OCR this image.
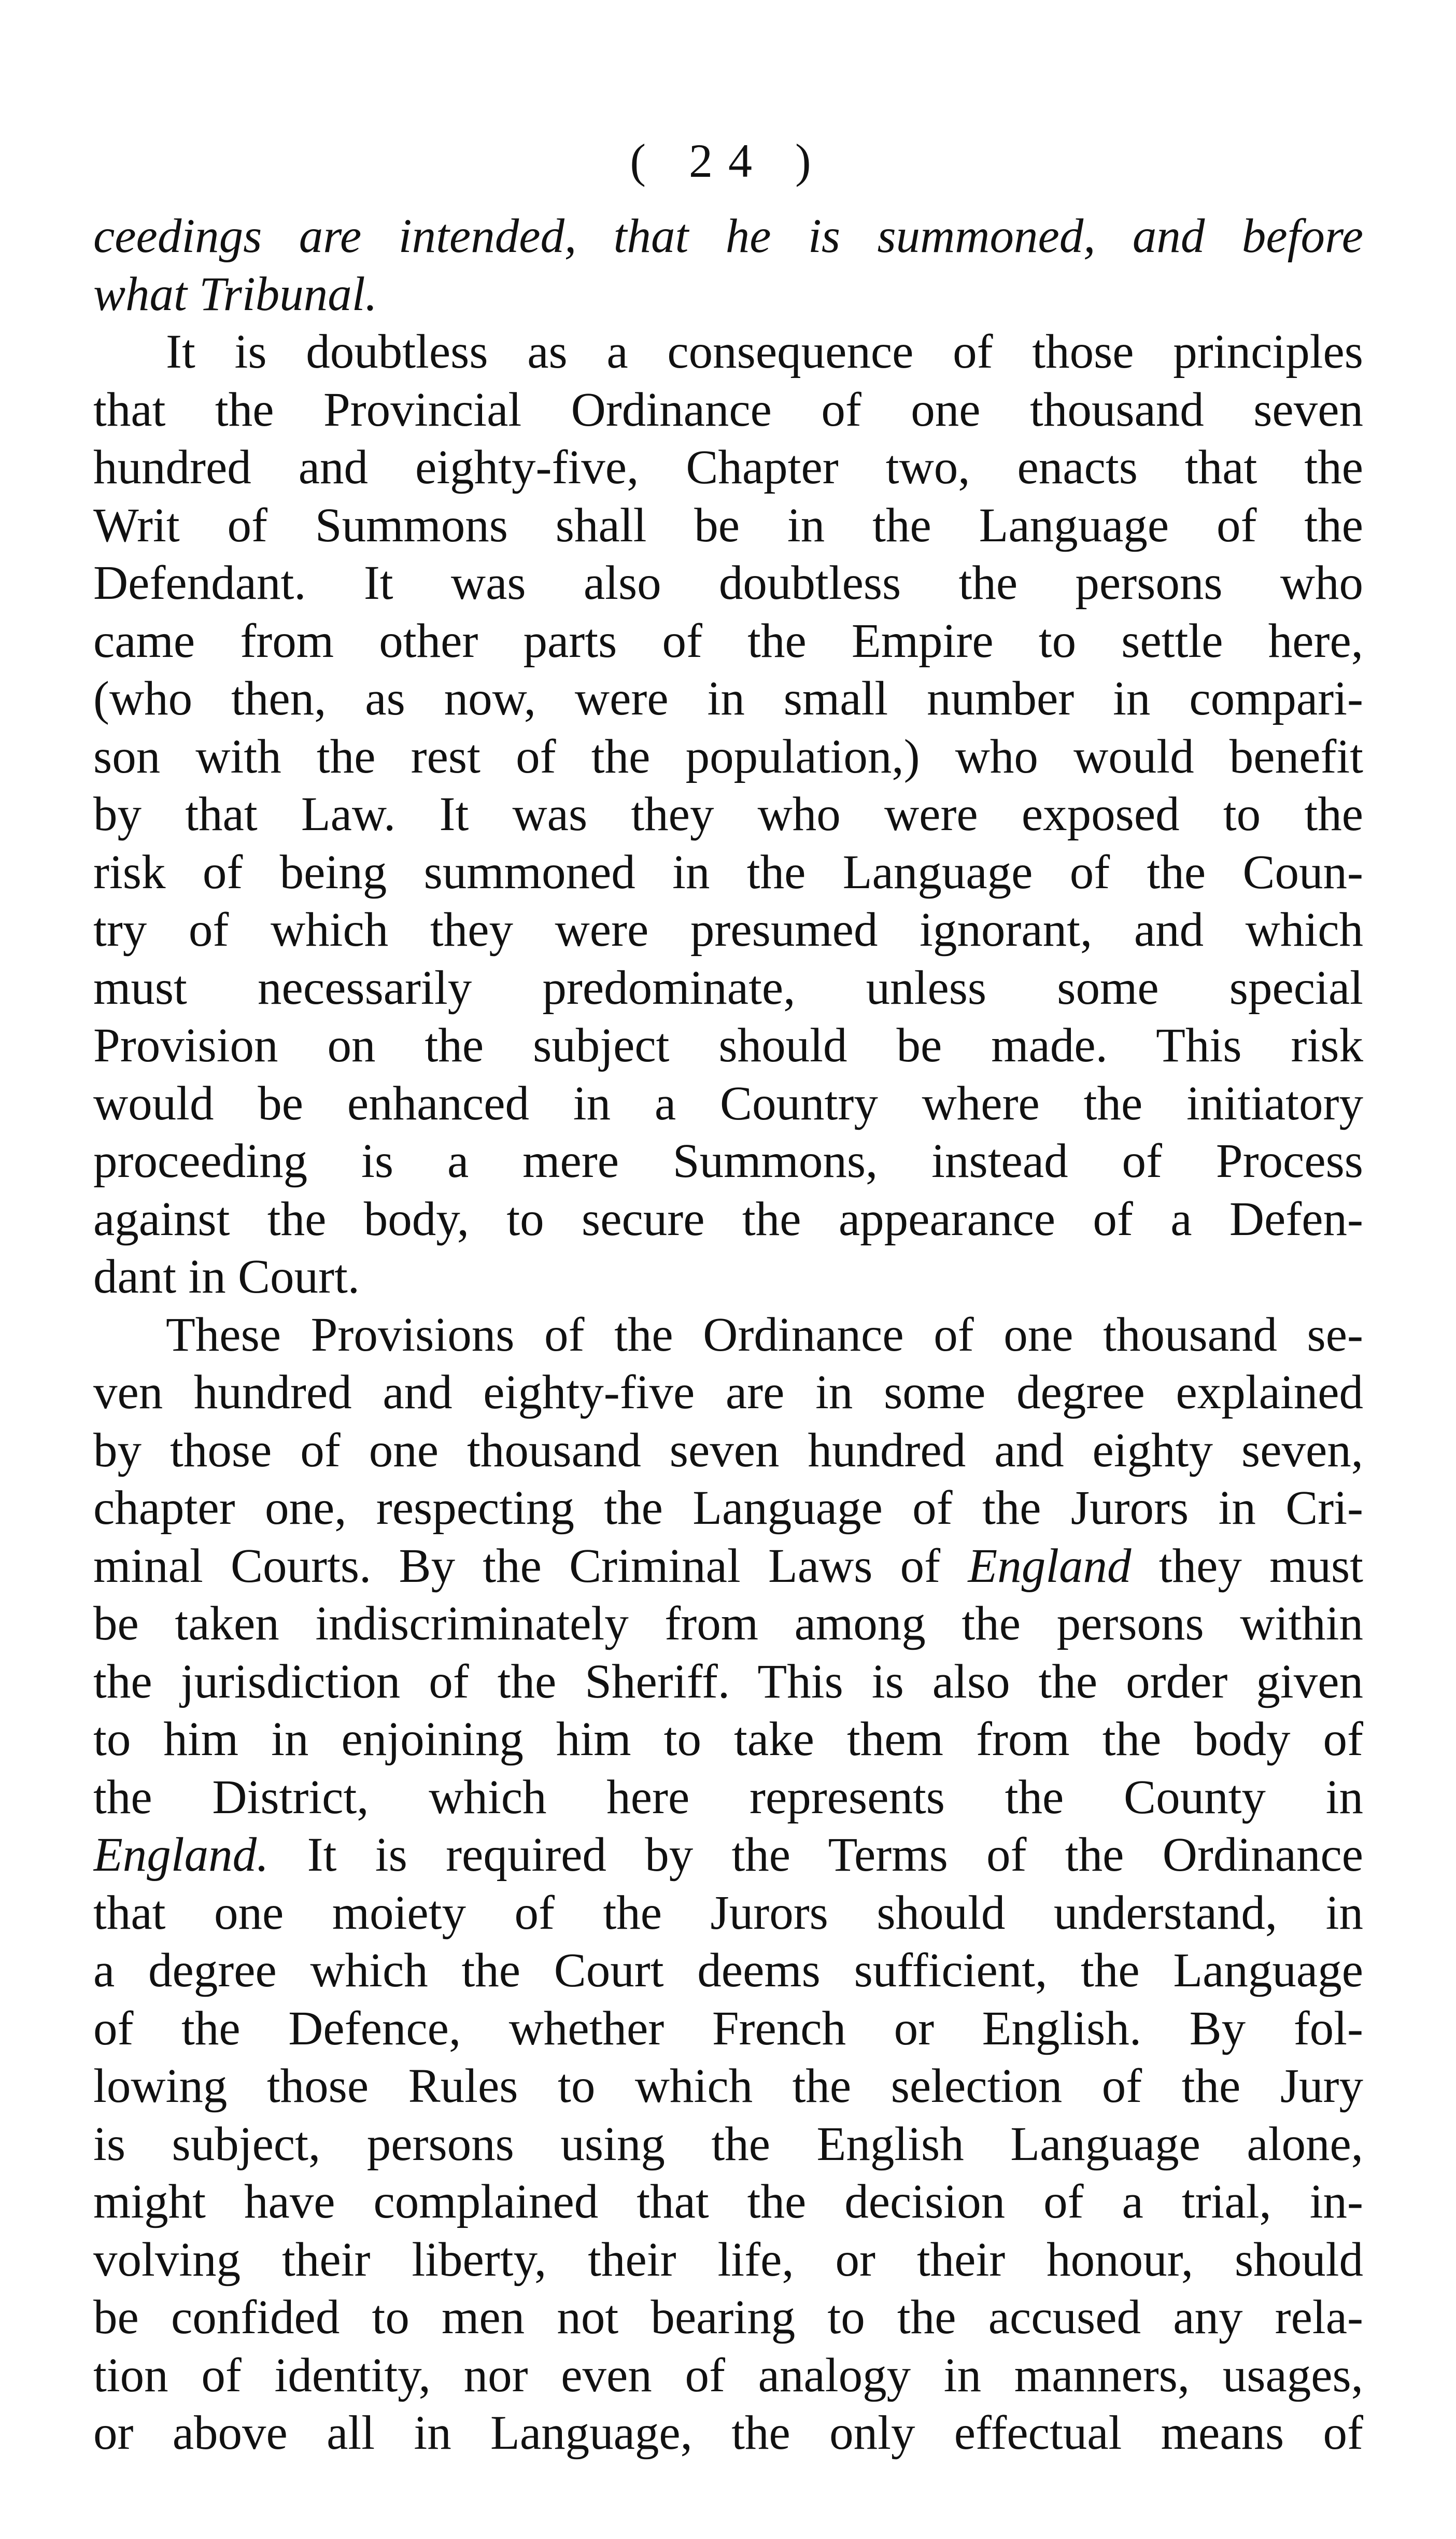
( 24 )
ceedings are intended, that he is summoned, and before
what Tribunal.
It is doubtless as a consequence of those principles
that the Provincial Ordinance of one thousand seven
hundred and eighty-five, Chapter two, enacts that the
Writ of Summons shall be in the Language of the
Defendant. It was also doubtless the persons who
came from other parts of the Empire to settle here,
(who then, as now, were in small number in compari-
son with the rest of the population,) who would benefit
by that Law. It was they who were exposed to the
risk of being summoned in the Language of the Coun-
try of which they were presumed ignorant, and which
must necessarily predominate, unless some special
Provision on the subject should be made. This risk
would be enhanced in a Country where the initiatory
proceeding is a mere Summons, instead of Process
against the body, to secure the appearance of a Defen-
dant in Court.
These Provisions of the Ordinance of one thousand se-
ven hundred and eighty-five are in some degree explained
by those of one thousand seven hundred and eighty seven,
chapter one, respecting the Language of the Jurors in Cri-
minal Courts. By the Criminal Laws of England they must
be taken indiscriminately from among the persons within
the jurisdiction of the Sheriff. This is also the order given
to him in enjoining him to take them from the body of
the District, which here represents the County in
England. It is required by the Terms of the Ordinance
that one moiety of the Jurors should understand, in
a degree which the Court deems sufficient, the Language
of the Defence, whether French or English. By fol-
lowing those Rules to which the selection of the Jury
is subject, persons using the English Language alone,
might have complained that the decision of a trial, in-
volving their liberty, their life, or their honour, should
be confided to men not bearing to the accused any rela-
tion of identity, nor even of analogy in manners, usages,
or above all in Language, the only effectual means of
